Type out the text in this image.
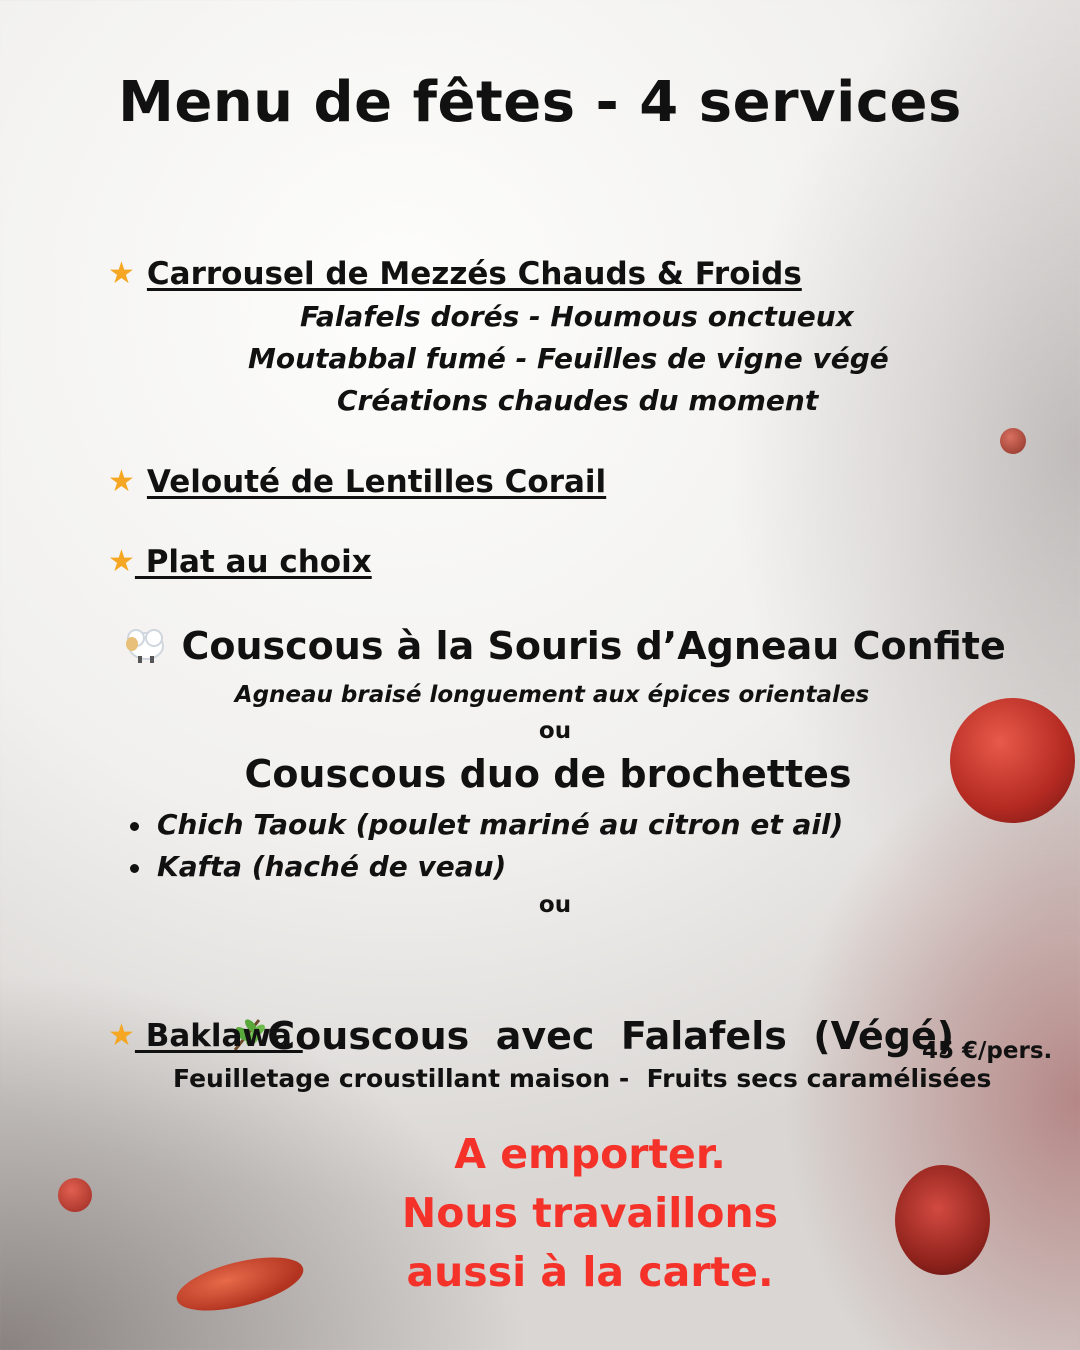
Menu de fêtes - 4 services
★ Carrousel de Mezzés Chauds & Froids
Falafels dorés - Houmous onctueux
Moutabbal fumé - Feuilles de vigne végé
Créations chaudes du moment
★ Velouté de Lentilles Corail
★ Plat au choix
Couscous à la Souris d’Agneau Confite
Agneau braisé longuement aux épices orientales
ou
Couscous duo de brochettes
Chich Taouk (poulet mariné au citron et ail)
Kafta (haché de veau)
ou

Couscous  avec  Falafels  (Végé)

★ Baklawa
Feuilletage croustillant maison -  Fruits secs caramélisées
45 €/pers.
A emporter.
Nous travaillons
aussi à la carte.
